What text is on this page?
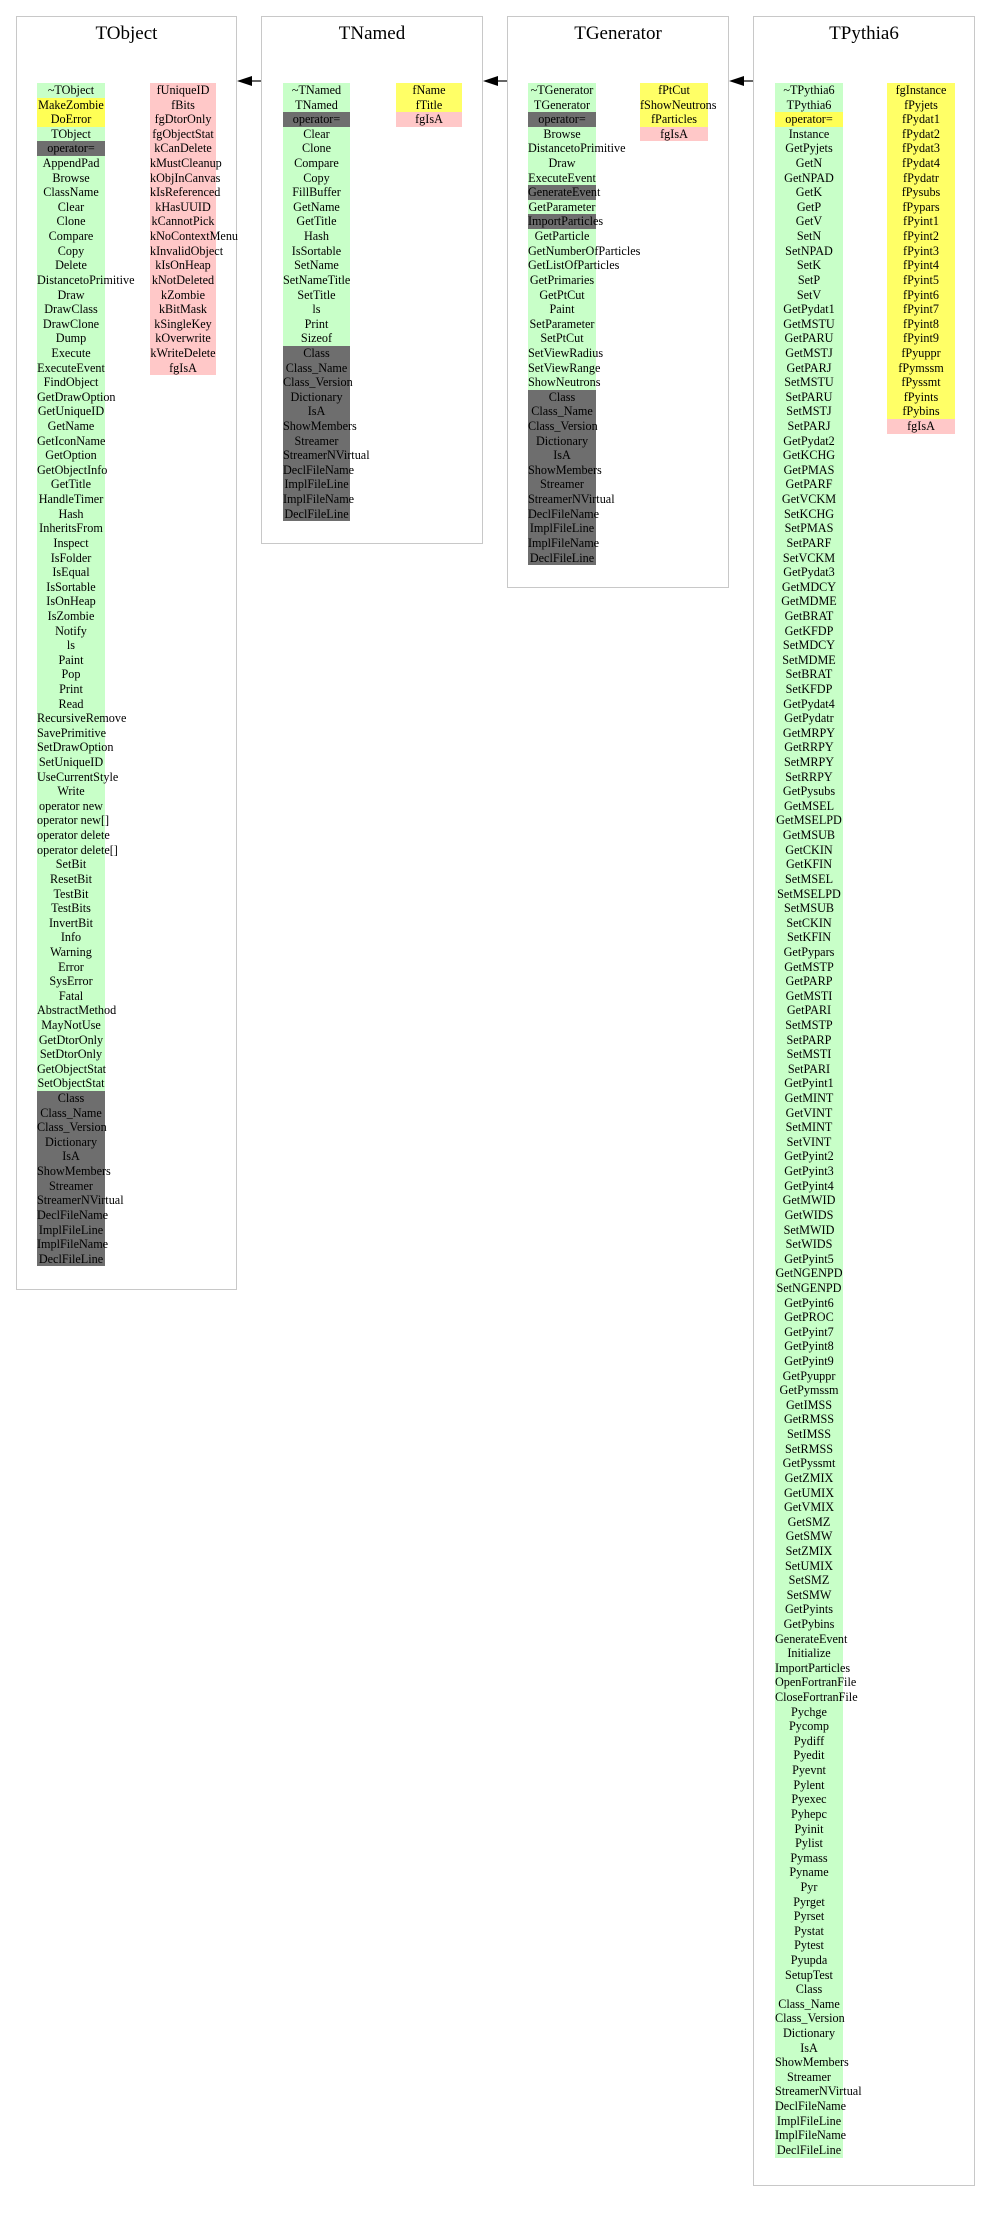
TObject	TNamed	TGenerator	TPythia6
~TObject
MakeZombie
DoError
TObject
operator=
AppendPad
Browse
ClassName
Clear
Clone
Compare
Copy
Delete
DistancetoPrimitive
Draw
DrawClass
DrawClone
Dump
Execute
ExecuteEvent
FindObject
GetDrawOption
GetUniqueID
GetName
GetIconName
GetOption
GetObjectInfo
GetTitle
HandleTimer
Hash
InheritsFrom
Inspect
IsFolder
IsEqual
IsSortable
IsOnHeap
IsZombie
Notify
ls
Paint
Pop
Print
Read
RecursiveRemove
SavePrimitive
SetDrawOption
SetUniqueID
UseCurrentStyle
Write
operator new
operator new[]
operator delete
operator delete[]
SetBit
ResetBit
TestBit
TestBits
InvertBit
Info
Warning
Error
SysError
Fatal
AbstractMethod
MayNotUse
GetDtorOnly
SetDtorOnly
GetObjectStat
SetObjectStat
Class
Class_Name
Class_Version
Dictionary
IsA
ShowMembers
Streamer
StreamerNVirtual
DeclFileName
ImplFileLine
ImplFileName
DeclFileLine
fUniqueID
fBits
fgDtorOnly
fgObjectStat
kCanDelete
kMustCleanup
kObjInCanvas
kIsReferenced
kHasUUID
kCannotPick
kNoContextMenu
kInvalidObject
kIsOnHeap
kNotDeleted
kZombie
kBitMask
kSingleKey
kOverwrite
kWriteDelete
fgIsA
~TNamed
TNamed
operator=
Clear
Clone
Compare
Copy
FillBuffer
GetName
GetTitle
Hash
IsSortable
SetName
SetNameTitle
SetTitle
ls
Print
Sizeof
Class
Class_Name
Class_Version
Dictionary
IsA
ShowMembers
Streamer
StreamerNVirtual
DeclFileName
ImplFileLine
ImplFileName
DeclFileLine
fName
fTitle
fgIsA
~TGenerator
TGenerator
operator=
Browse
DistancetoPrimitive
Draw
ExecuteEvent
GenerateEvent
GetParameter
ImportParticles
GetParticle
GetNumberOfParticles
GetListOfParticles
GetPrimaries
GetPtCut
Paint
SetParameter
SetPtCut
SetViewRadius
SetViewRange
ShowNeutrons
Class
Class_Name
Class_Version
Dictionary
IsA
ShowMembers
Streamer
StreamerNVirtual
DeclFileName
ImplFileLine
ImplFileName
DeclFileLine
fPtCut
fShowNeutrons
fParticles
fgIsA
~TPythia6
TPythia6
operator=
Instance
GetPyjets
GetN
GetNPAD
GetK
GetP
GetV
SetN
SetNPAD
SetK
SetP
SetV
GetPydat1
GetMSTU
GetPARU
GetMSTJ
GetPARJ
SetMSTU
SetPARU
SetMSTJ
SetPARJ
GetPydat2
GetKCHG
GetPMAS
GetPARF
GetVCKM
SetKCHG
SetPMAS
SetPARF
SetVCKM
GetPydat3
GetMDCY
GetMDME
GetBRAT
GetKFDP
SetMDCY
SetMDME
SetBRAT
SetKFDP
GetPydat4
GetPydatr
GetMRPY
GetRRPY
SetMRPY
SetRRPY
GetPysubs
GetMSEL
GetMSELPD
GetMSUB
GetCKIN
GetKFIN
SetMSEL
SetMSELPD
SetMSUB
SetCKIN
SetKFIN
GetPypars
GetMSTP
GetPARP
GetMSTI
GetPARI
SetMSTP
SetPARP
SetMSTI
SetPARI
GetPyint1
GetMINT
GetVINT
SetMINT
SetVINT
GetPyint2
GetPyint3
GetPyint4
GetMWID
GetWIDS
SetMWID
SetWIDS
GetPyint5
GetNGENPD
SetNGENPD
GetPyint6
GetPROC
GetPyint7
GetPyint8
GetPyint9
GetPyuppr
GetPymssm
GetIMSS
GetRMSS
SetIMSS
SetRMSS
GetPyssmt
GetZMIX
GetUMIX
GetVMIX
GetSMZ
GetSMW
SetZMIX
SetUMIX
SetSMZ
SetSMW
GetPyints
GetPybins
GenerateEvent
Initialize
ImportParticles
OpenFortranFile
CloseFortranFile
Pychge
Pycomp
Pydiff
Pyedit
Pyevnt
Pylent
Pyexec
Pyhepc
Pyinit
Pylist
Pymass
Pyname
Pyr
Pyrget
Pyrset
Pystat
Pytest
Pyupda
SetupTest
Class
Class_Name
Class_Version
Dictionary
IsA
ShowMembers
Streamer
StreamerNVirtual
DeclFileName
ImplFileLine
ImplFileName
DeclFileLine
fgInstance
fPyjets
fPydat1
fPydat2
fPydat3
fPydat4
fPydatr
fPysubs
fPypars
fPyint1
fPyint2
fPyint3
fPyint4
fPyint5
fPyint6
fPyint7
fPyint8
fPyint9
fPyuppr
fPymssm
fPyssmt
fPyints
fPybins
fgIsA
